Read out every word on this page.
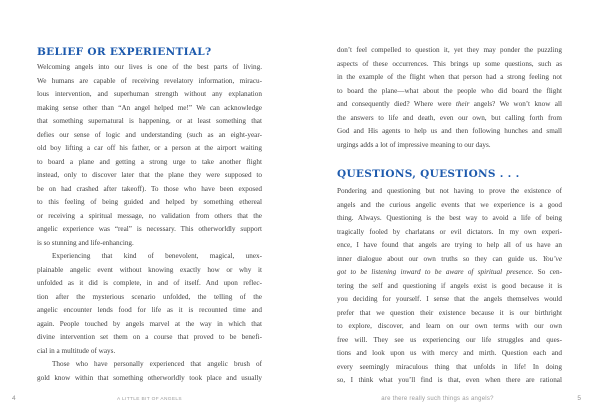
BELIEF OR EXPERIENTIAL?
Welcoming angels into our lives is one of the best parts of living.
We humans are capable of receiving revelatory information, miracu-
lous intervention, and superhuman strength without any explanation
making sense other than “An angel helped me!” We can acknowledge
that something supernatural is happening, or at least something that
defies our sense of logic and understanding (such as an eight-year-
old boy lifting a car off his father, or a person at the airport waiting
to board a plane and getting a strong urge to take another flight
instead, only to discover later that the plane they were supposed to
be on had crashed after takeoff). To those who have been exposed
to this feeling of being guided and helped by something ethereal
or receiving a spiritual message, no validation from others that the
angelic experience was “real” is necessary. This otherworldly support
is so stunning and life-enhancing.
Experiencing that kind of benevolent, magical, unex-
plainable angelic event without knowing exactly how or why it
unfolded as it did is complete, in and of itself. And upon reflec-
tion after the mysterious scenario unfolded, the telling of the
angelic encounter lends food for life as it is recounted time and
again. People touched by angels marvel at the way in which that
divine intervention set them on a course that proved to be benefi-
cial in a multitude of ways.
Those who have personally experienced that angelic brush of
gold know within that something otherworldly took place and usually
don’t feel compelled to question it, yet they may ponder the puzzling
aspects of these occurrences. This brings up some questions, such as
in the example of the flight when that person had a strong feeling not
to board the plane—what about the people who did board the flight
and consequently died? Where were their angels? We won’t know all
the answers to life and death, even our own, but calling forth from
God and His agents to help us and then following hunches and small
urgings adds a lot of impressive meaning to our days.
QUESTIONS, QUESTIONS . . .
Pondering and questioning but not having to prove the existence of
angels and the curious angelic events that we experience is a good
thing. Always. Questioning is the best way to avoid a life of being
tragically fooled by charlatans or evil dictators. In my own experi-
ence, I have found that angels are trying to help all of us have an
inner dialogue about our own truths so they can guide us. You’ve
got to be listening inward to be aware of spiritual presence. So cen-
tering the self and questioning if angels exist is good because it is
you deciding for yourself. I sense that the angels themselves would
prefer that we question their existence because it is our birthright
to explore, discover, and learn on our own terms with our own
free will. They see us experiencing our life struggles and ques-
tions and look upon us with mercy and mirth. Question each and
every seemingly miraculous thing that unfolds in life! In doing
so, I think what you’ll find is that, even when there are rational
4	A LITTLE BIT OF ANGELS	are there really such things as angels?	5
